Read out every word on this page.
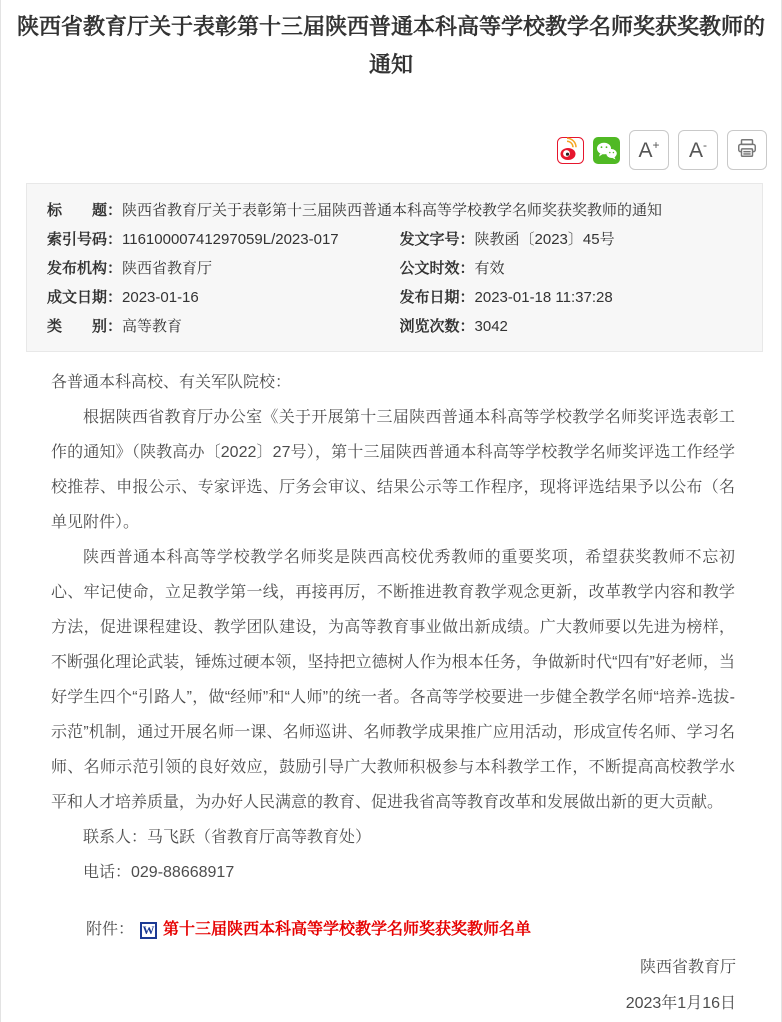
陕西省教育厅关于表彰第十三届陕西普通本科高等学校教学名师奖获奖教师的通知
A+ A-
标　　题：陕西省教育厅关于表彰第十三届陕西普通本科高等学校教学名师奖获奖教师的通知
索引号码：11610000741297059L/2023-017	发文字号：陕教函〔2023〕45号
发布机构：陕西省教育厅	公文时效：有效
成文日期：2023-01-16	发布日期：2023-01-18 11:37:28
类　　别：高等教育	浏览次数：3042

各普通本科高校、有关军队院校：

根据陕西省教育厅办公室《关于开展第十三届陕西普通本科高等学校教学名师奖评选表彰工作的通知》（陕教高办〔2022〕27号），第十三届陕西普通本科高等学校教学名师奖评选工作经学校推荐、申报公示、专家评选、厅务会审议、结果公示等工作程序，现将评选结果予以公布（名单见附件）。

陕西普通本科高等学校教学名师奖是陕西高校优秀教师的重要奖项，希望获奖教师不忘初心、牢记使命，立足教学第一线，再接再厉，不断推进教育教学观念更新，改革教学内容和教学方法，促进课程建设、教学团队建设，为高等教育事业做出新成绩。广大教师要以先进为榜样，不断强化理论武装，锤炼过硬本领，坚持把立德树人作为根本任务，争做新时代“四有”好老师，当好学生四个“引路人”，做“经师”和“人师”的统一者。各高等学校要进一步健全教学名师“培养-选拔-示范”机制，通过开展名师一课、名师巡讲、名师教学成果推广应用活动，形成宣传名师、学习名师、名师示范引领的良好效应，鼓励引导广大教师积极参与本科教学工作，不断提高高校教学水平和人才培养质量，为办好人民满意的教育、促进我省高等教育改革和发展做出新的更大贡献。

联系人：马飞跃（省教育厅高等教育处）

电话：029-88668917

附件： W 第十三届陕西本科高等学校教学名师奖获奖教师名单
陕西省教育厅
2023年1月16日
